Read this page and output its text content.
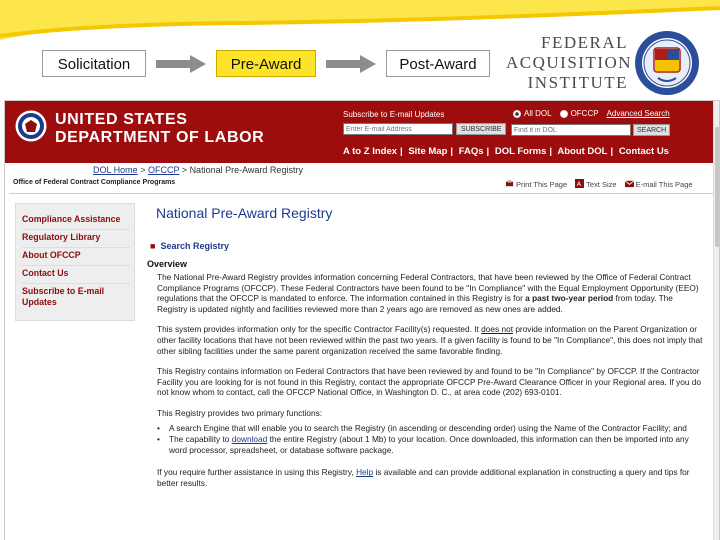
Solicitation	Pre-Award	Post-Award
FEDERAL
ACQUISITION
INSTITUTE
UNITED STATES
DEPARTMENT OF LABOR
Subscribe to E-mail Updates	All DOL OFCCP Advanced Search
Enter E-mail Address
SUBSCRIBE
Find it in DOL	SEARCH
A to Z Index | Site Map | FAQs | DOL Forms | About DOL | Contact Us
DOL Home > OFCCP > National Pre-Award Registry
Office of Federal Contract Compliance Programs	Print This Page A Text Size	E-mail This Page
Compliance Assistance
Regulatory Library
About OFCCP
Contact Us
Subscribe to E-mail Updates
National Pre-Award Registry
■ Search Registry
Overview
The National Pre-Award Registry provides information concerning Federal Contractors, that have been reviewed by the Office of Federal Contract Compliance Programs (OFCCP). These Federal Contractors have been found to be "In Compliance" with the Equal Employment Opportunity (EEO) regulations that the OFCCP is mandated to enforce. The information contained in this Registry is for a past two-year period from today. The Registry is updated nightly and facilities reviewed more than 2 years ago are removed as new ones are added.
This system provides information only for the specific Contractor Facility(s) requested. It does not provide information on the Parent Organization or other facility locations that have not been reviewed within the past two years. If a given facility is found to be "In Compliance", this does not imply that other sibling facilities under the same parent organization received the same favorable finding.
This Registry contains information on Federal Contractors that have been reviewed by and found to be "In Compliance" by OFCCP. If the Contractor Facility you are looking for is not found in this Registry, contact the appropriate OFCCP Pre-Award Clearance Officer in your Regional area. If you do not know whom to contact, call the OFCCP National Office, in Washington D. C., at area code (202) 693-0101.
This Registry provides two primary functions:
•	A search Engine that will enable you to search the Registry (in ascending or descending order) using the Name of the Contractor Facility; and
•	The capability to download the entire Registry (about 1 Mb) to your location. Once downloaded, this information can then be imported into any word processor, spreadsheet, or database software package.
If you require further assistance in using this Registry, Help is available and can provide additional explanation in constructing a query and tips for better results.
